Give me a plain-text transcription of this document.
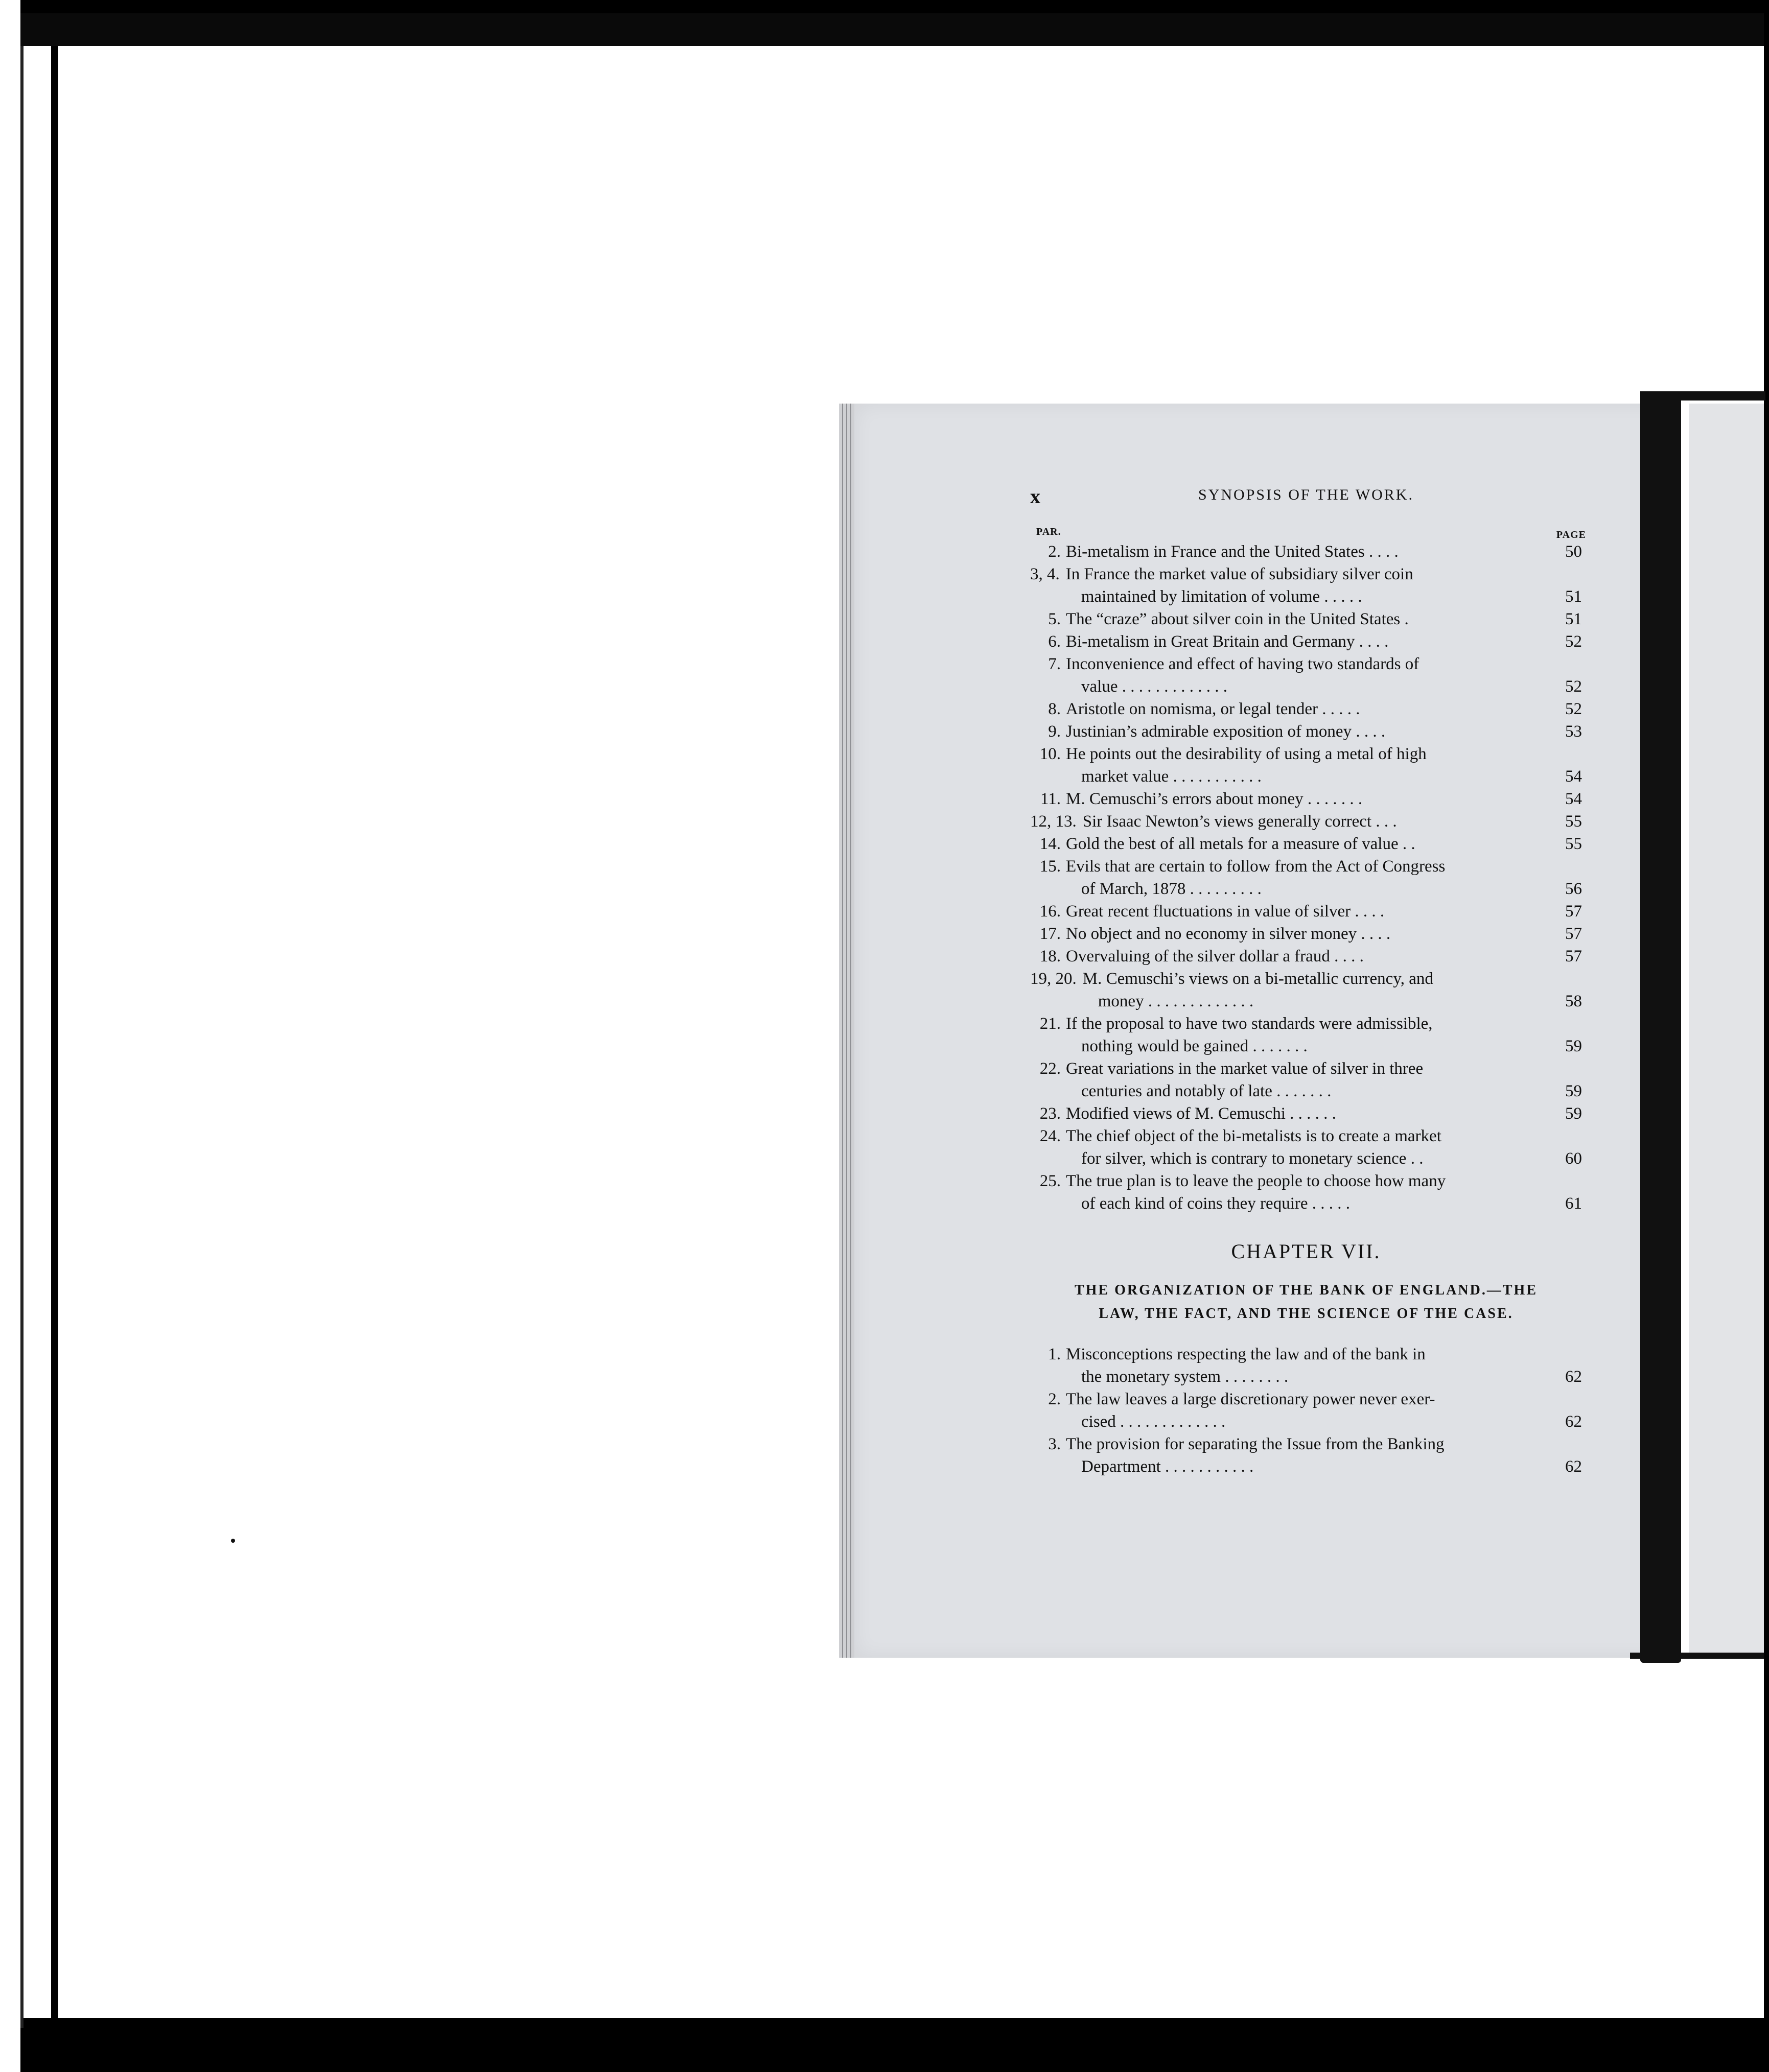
x	SYNOPSIS OF THE WORK.
PAR.	PAGE
2. Bi-metalism in France and the United States . . . .	50
3, 4. In France the market value of subsidiary silver coin

maintained by limitation of volume . . . . .	51
5. The “craze” about silver coin in the United States .	51
6. Bi-metalism in Great Britain and Germany . . . .	52
7. Inconvenience and effect of having two standards of

value . . . . . . . . . . . . .	52
8. Aristotle on nomisma, or legal tender . . . . .	52
9. Justinian’s admirable exposition of money . . . .	53
10. He points out the desirability of using a metal of high

market value . . . . . . . . . . .	54
11. M. Cemuschi’s errors about money . . . . . . .	54
12, 13. Sir Isaac Newton’s views generally correct . . .	55
14. Gold the best of all metals for a measure of value . .	55
15. Evils that are certain to follow from the Act of Congress

of March, 1878 . . . . . . . . .	56
16. Great recent fluctuations in value of silver . . . .	57
17. No object and no economy in silver money . . . .	57
18. Overvaluing of the silver dollar a fraud . . . .	57
19, 20. M. Cemuschi’s views on a bi-metallic currency, and

money . . . . . . . . . . . . .	58
21. If the proposal to have two standards were admissible,

nothing would be gained . . . . . . .	59
22. Great variations in the market value of silver in three

centuries and notably of late . . . . . . .	59
23. Modified views of M. Cemuschi . . . . . .	59
24. The chief object of the bi-metalists is to create a market

for silver, which is contrary to monetary science . .	60
25. The true plan is to leave the people to choose how many

of each kind of coins they require . . . . .	61
CHAPTER VII.
THE ORGANIZATION OF THE BANK OF ENGLAND.—THE
LAW, THE FACT, AND THE SCIENCE OF THE CASE.
1. Misconceptions respecting the law and of the bank in

the monetary system . . . . . . . .	62
2. The law leaves a large discretionary power never exer-

cised . . . . . . . . . . . . .	62
3. The provision for separating the Issue from the Banking

Department . . . . . . . . . . .	62
